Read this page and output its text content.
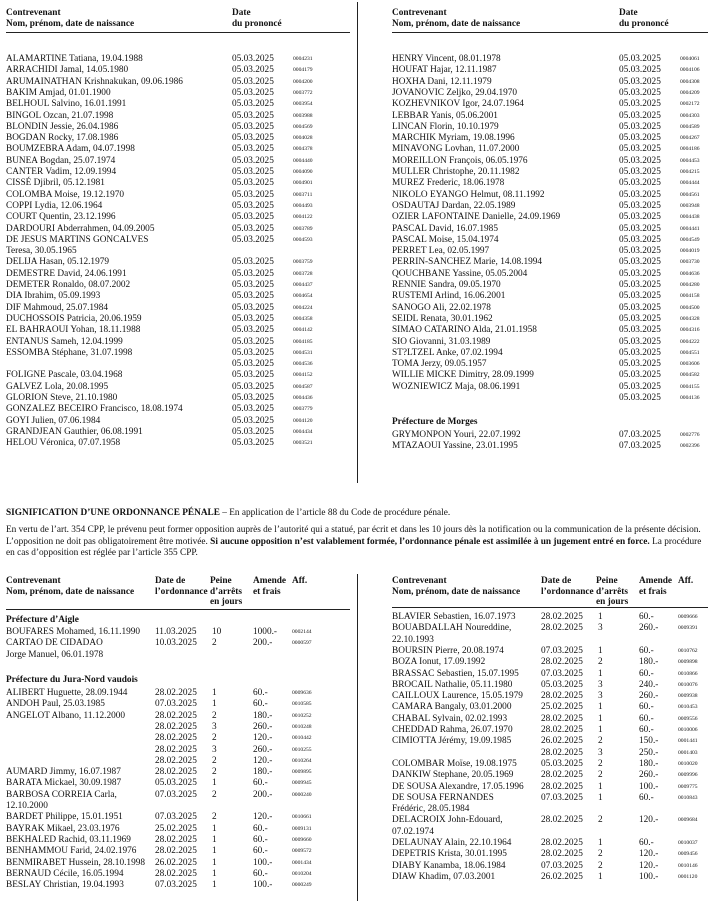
Contrevenant
Nom, prénom, date de naissance
Date
du prononcé
ALAMARTINE Tatiana, 19.04.1988	05.03.2025	0004231
ARRACHIDI Jamal, 14.05.1980	05.03.2025	0004179
ARUMAINATHAN Krishnakukan, 09.06.1986	05.03.2025	0004200
BAKIM Amjad, 01.01.1900	05.03.2025	0003772
BELHOUL Salvino, 16.01.1991	05.03.2025	0003954
BINGOL Ozcan, 21.07.1998	05.03.2025	0003988
BLONDIN Jessie, 26.04.1986	05.03.2025	0004569
BOGDAN Rocky, 17.08.1986	05.03.2025	0004028
BOUMZEBRA Adam, 04.07.1998	05.03.2025	0004378
BUNEA Bogdan, 25.07.1974	05.03.2025	0004440
CANTER Vadim, 12.09.1994	05.03.2025	0004090
CISSÉ Djibril, 05.12.1981	05.03.2025	0004901
COLOMBA Moise, 19.12.1970	05.03.2025	0003711
COPPI Lydia, 12.06.1964	05.03.2025	0004493
COURT Quentin, 23.12.1996	05.03.2025	0004122
DARDOURI Abderrahmen, 04.09.2005	05.03.2025	0003789
DE JESUS MARTINS GONCALVES	05.03.2025	0004593
Teresa, 30.05.1965
DELIJA Hasan, 05.12.1979	05.03.2025	0003759
DEMESTRE David, 24.06.1991	05.03.2025	0003728
DEMETER Ronaldo, 08.07.2002	05.03.2025	0004437
DIA Ibrahim, 05.09.1993	05.03.2025	0004654
DIF Mahmoud, 25.07.1984	05.03.2025	0004224
DUCHOSSOIS Patricia, 20.06.1959	05.03.2025	0004358
EL BAHRAOUI Yohan, 18.11.1988	05.03.2025	0004142
ENTANUS Sameh, 12.04.1999	05.03.2025	0004185
ESSOMBA Stéphane, 31.07.1998	05.03.2025	0004531
05.03.2025	0004536
FOLIGNE Pascale, 03.04.1968	05.03.2025	0004152
GALVEZ Lola, 20.08.1995	05.03.2025	0004587
GLORION Steve, 21.10.1980	05.03.2025	0004436
GONZALEZ BECEIRO Francisco, 18.08.1974	05.03.2025	0003779
GOYI Julien, 07.06.1984	05.03.2025	0004120
GRANDJEAN Gauthier, 06.08.1991	05.03.2025	0004434
HELOU Véronica, 07.07.1958	05.03.2025	0003521
Contrevenant
Nom, prénom, date de naissance
Date
du prononcé
HENRY Vincent, 08.01.1978	05.03.2025	0004061
HOUFAT Hajar, 12.11.1987	05.03.2025	0004106
HOXHA Dani, 12.11.1979	05.03.2025	0004308
JOVANOVIC Zeljko, 29.04.1970	05.03.2025	0004209
KOZHEVNIKOV Igor, 24.07.1964	05.03.2025	0002172
LEBBAR Yanis, 05.06.2001	05.03.2025	0004303
LINCAN Florin, 10.10.1979	05.03.2025	0004589
MARCHIK Myriam, 19.08.1996	05.03.2025	0004267
MINAVONG Lovhan, 11.07.2000	05.03.2025	0004186
MOREILLON François, 06.05.1976	05.03.2025	0004453
MULLER Christophe, 20.11.1982	05.03.2025	0004215
MUREZ Frederic, 18.06.1978	05.03.2025	0004444
NIKOLO EYANGO Helmut, 08.11.1992	05.03.2025	0004561
OSDAUTAJ Dardan, 22.05.1989	05.03.2025	0003948
OZIER LAFONTAINE Danielle, 24.09.1969	05.03.2025	0004438
PASCAL David, 16.07.1985	05.03.2025	0004441
PASCAL Moise, 15.04.1974	05.03.2025	0004549
PERRET Lea, 02.05.1997	05.03.2025	0004019
PERRIN-SANCHEZ Marie, 14.08.1994	05.03.2025	0003730
QOUCHBANE Yassine, 05.05.2004	05.03.2025	0004636
RENNIE Sandra, 09.05.1970	05.03.2025	0004280
RUSTEMI Arlind, 16.06.2001	05.03.2025	0004158
SANOGO Ali, 22.02.1978	05.03.2025	0004500
SEIDL Renata, 30.01.1962	05.03.2025	0004328
SIMAO CATARINO Alda, 21.01.1958	05.03.2025	0004316
SIO Giovanni, 31.03.1989	05.03.2025	0004222
ST?LTZEL Anke, 07.02.1994	05.03.2025	0004551
TOMA Jerzy, 09.05.1957	05.03.2025	0003606
WILLIE MICKE Dimitry, 28.09.1999	05.03.2025	0004582
WOZNIEWICZ Maja, 08.06.1991	05.03.2025	0004155
05.03.2025	0004136
Préfecture de Morges
GRYMONPON Youri, 22.07.1992	07.03.2025	0002776
MTAZAOUI Yassine, 23.01.1995	07.03.2025	0002396
SIGNIFICATION D’UNE ORDONNANCE PÉNALE – En application de l’article 88 du Code de procédure pénale.
En vertu de l’art. 354 CPP, le prévenu peut former opposition auprès de l’autorité qui a statué, par écrit et dans les 10 jours dès la notification ou la communication de la présente décision. L’opposition ne doit pas obligatoirement être motivée. Si aucune opposition n’est valablement formée, l’ordonnance pénale est assimilée à un jugement entré en force. La procédure en cas d’opposition est réglée par l’article 355 CPP.
Contrevenant
Nom, prénom, date de naissance
Date de
l’ordonnance
Peine
d’arrêts
en jours
Amende
et frais
Aff.
Préfecture d’Aigle
BOUFARES Mohamed, 16.11.1990 11.03.2025 10	1000.-	0002144
CARTAO DE CIDADAO	10.03.2025 2	200.-	0000597
Jorge Manuel, 06.01.1978
Préfecture du Jura-Nord vaudois
ALIBERT Huguette, 28.09.1944	28.02.2025 1	60.-	0009636
ANDOH Paul, 25.03.1985	07.03.2025 1	60.-	0010585
ANGELOT Albano, 11.12.2000	28.02.2025 2	180.-	0010252
28.02.2025 3	260.-	0010248
28.02.2025 2	120.-	0010442
28.02.2025 3	260.-	0010255
28.02.2025 2	120.-	0010264
AUMARD Jimmy, 16.07.1987	28.02.2025 2	180.-	0009895
BARATA Mickael, 30.09.1987	05.03.2025 1	60.-	0009945
BARBOSA CORREIA Carla,	07.03.2025 2	200.-	0000240
12.10.2000
BARDET Philippe, 15.01.1951	07.03.2025 2	120.-	0010661
BAYRAK Mikael, 23.03.1976	25.02.2025 1	60.-	0009131
BEKHALED Rachid, 03.11.1969	28.02.2025 1	60.-	0009660
BENHAMMOU Farid, 24.02.1976 28.02.2025 1	60.-	0009572
BENMIRABET Hussein, 28.10.1998 26.02.2025 1	100.-	0001434
BERNAUD Cécile, 16.05.1994	28.02.2025 1	60.-	0010204
BESLAY Christian, 19.04.1993	07.03.2025 1	100.-	0000249
Contrevenant
Nom, prénom, date de naissance
Date de
l’ordonnance
Peine
d’arrêts
en jours
Amende
et frais
Aff.
BLAVIER Sebastien, 16.07.1973	28.02.2025 1	60.-	0009666
BOUABDALLAH Noureddine,	28.02.2025 3	260.-	0009391
22.10.1993
BOURSIN Pierre, 20.08.1974	07.03.2025 1	60.-	0010762
BOZA Ionut, 17.09.1992	28.02.2025 2	180.-	0009898
BRASSAC Sebastien, 15.07.1995 07.03.2025 1	60.-	0010866
BROCAIL Nathalie, 05.11.1980	05.03.2025 3	240.-	0010076
CAILLOUX Laurence, 15.05.1979 28.02.2025 3	260.-	0009938
CAMARA Bangaly, 03.01.2000	25.02.2025 1	60.-	0010453
CHABAL Sylvain, 02.02.1993	28.02.2025 1	60.-	0009556
CHEDDAD Rahma, 26.07.1970	28.02.2025 1	60.-	0010006
CIMIOTTA Jérémy, 19.09.1985	26.02.2025 2	150.-	0001441
28.02.2025 3	250.-	0001403
COLOMBAR Moïse, 19.08.1975	05.03.2025 2	180.-	0010020
DANKIW Stephane, 20.05.1969	28.02.2025 2	260.-	0009996
DE SOUSA Alexandre, 17.05.1996 28.02.2025 1	100.-	0009775
DE SOUSA FERNANDES	07.03.2025 1	60.-	0010843
Frédéric, 28.05.1984
DELACROIX John-Edouard,	28.02.2025 2	120.-	0009684
07.02.1974
DELAUNAY Alain, 22.10.1964	28.02.2025 1	60.-	0010037
DEPETRIS Krista, 30.01.1995	28.02.2025 2	120.-	0009456
DIABY Kanamba, 18.06.1984	07.03.2025 2	120.-	0010146
DIAW Khadim, 07.03.2001	26.02.2025 1	100.-	0001120
